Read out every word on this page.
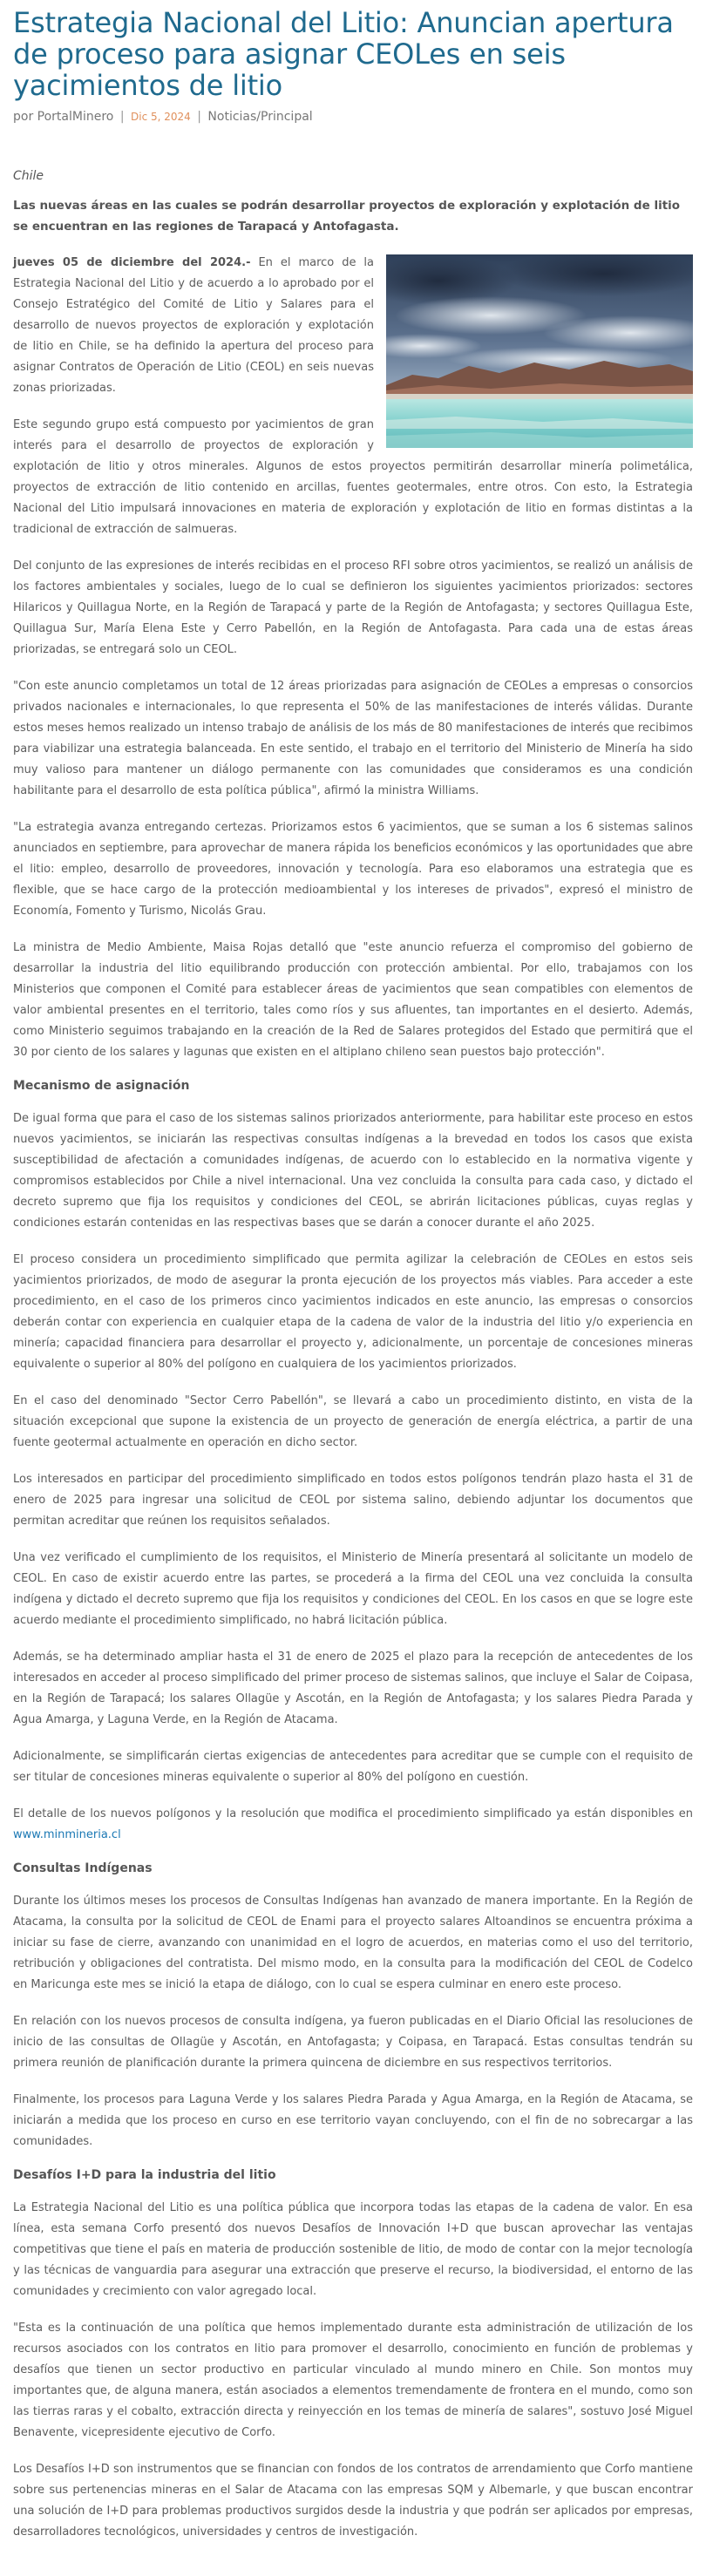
Estrategia Nacional del Litio: Anuncian apertura de proceso para asignar CEOLes en seis yacimientos de litio
por PortalMinero | Dic 5, 2024 | Noticias/Principal
Chile

Las nuevas áreas en las cuales se podrán desarrollar proyectos de exploración y explotación de litio se encuentran en las regiones de Tarapacá y Antofagasta.

jueves 05 de diciembre del 2024.- En el marco de la Estrategia Nacional del Litio y de acuerdo a lo aprobado por el Consejo Estratégico del Comité de Litio y Salares para el desarrollo de nuevos proyectos de exploración y explotación de litio en Chile, se ha definido la apertura del proceso para asignar Contratos de Operación de Litio (CEOL) en seis nuevas zonas priorizadas.

Este segundo grupo está compuesto por yacimientos de gran interés para el desarrollo de proyectos de exploración y explotación de litio y otros minerales. Algunos de estos proyectos permitirán desarrollar minería polimetálica, proyectos de extracción de litio contenido en arcillas, fuentes geotermales, entre otros. Con esto, la Estrategia Nacional del Litio impulsará innovaciones en materia de exploración y explotación de litio en formas distintas a la tradicional de extracción de salmueras.

Del conjunto de las expresiones de interés recibidas en el proceso RFI sobre otros yacimientos, se realizó un análisis de los factores ambientales y sociales, luego de lo cual se definieron los siguientes yacimientos priorizados: sectores Hilaricos y Quillagua Norte, en la Región de Tarapacá y parte de la Región de Antofagasta; y sectores Quillagua Este, Quillagua Sur, María Elena Este y Cerro Pabellón, en la Región de Antofagasta. Para cada una de estas áreas priorizadas, se entregará solo un CEOL.

"Con este anuncio completamos un total de 12 áreas priorizadas para asignación de CEOLes a empresas o consorcios privados nacionales e internacionales, lo que representa el 50% de las manifestaciones de interés válidas. Durante estos meses hemos realizado un intenso trabajo de análisis de los más de 80 manifestaciones de interés que recibimos para viabilizar una estrategia balanceada. En este sentido, el trabajo en el territorio del Ministerio de Minería ha sido muy valioso para mantener un diálogo permanente con las comunidades que consideramos es una condición habilitante para el desarrollo de esta política pública", afirmó la ministra Williams.

"La estrategia avanza entregando certezas. Priorizamos estos 6 yacimientos, que se suman a los 6 sistemas salinos anunciados en septiembre, para aprovechar de manera rápida los beneficios económicos y las oportunidades que abre el litio: empleo, desarrollo de proveedores, innovación y tecnología. Para eso elaboramos una estrategia que es flexible, que se hace cargo de la protección medioambiental y los intereses de privados", expresó el ministro de Economía, Fomento y Turismo, Nicolás Grau.

La ministra de Medio Ambiente, Maisa Rojas detalló que "este anuncio refuerza el compromiso del gobierno de desarrollar la industria del litio equilibrando producción con protección ambiental. Por ello, trabajamos con los Ministerios que componen el Comité para establecer áreas de yacimientos que sean compatibles con elementos de valor ambiental presentes en el territorio, tales como ríos y sus afluentes, tan importantes en el desierto. Además, como Ministerio seguimos trabajando en la creación de la Red de Salares protegidos del Estado que permitirá que el 30 por ciento de los salares y lagunas que existen en el altiplano chileno sean puestos bajo protección".

Mecanismo de asignación

De igual forma que para el caso de los sistemas salinos priorizados anteriormente, para habilitar este proceso en estos nuevos yacimientos, se iniciarán las respectivas consultas indígenas a la brevedad en todos los casos que exista susceptibilidad de afectación a comunidades indígenas, de acuerdo con lo establecido en la normativa vigente y compromisos establecidos por Chile a nivel internacional. Una vez concluida la consulta para cada caso, y dictado el decreto supremo que fija los requisitos y condiciones del CEOL, se abrirán licitaciones públicas, cuyas reglas y condiciones estarán contenidas en las respectivas bases que se darán a conocer durante el año 2025.

El proceso considera un procedimiento simplificado que permita agilizar la celebración de CEOLes en estos seis yacimientos priorizados, de modo de asegurar la pronta ejecución de los proyectos más viables. Para acceder a este procedimiento, en el caso de los primeros cinco yacimientos indicados en este anuncio, las empresas o consorcios deberán contar con experiencia en cualquier etapa de la cadena de valor de la industria del litio y/o experiencia en minería; capacidad financiera para desarrollar el proyecto y, adicionalmente, un porcentaje de concesiones mineras equivalente o superior al 80% del polígono en cualquiera de los yacimientos priorizados.

En el caso del denominado "Sector Cerro Pabellón", se llevará a cabo un procedimiento distinto, en vista de la situación excepcional que supone la existencia de un proyecto de generación de energía eléctrica, a partir de una fuente geotermal actualmente en operación en dicho sector.

Los interesados en participar del procedimiento simplificado en todos estos polígonos tendrán plazo hasta el 31 de enero de 2025 para ingresar una solicitud de CEOL por sistema salino, debiendo adjuntar los documentos que permitan acreditar que reúnen los requisitos señalados.

Una vez verificado el cumplimiento de los requisitos, el Ministerio de Minería presentará al solicitante un modelo de CEOL. En caso de existir acuerdo entre las partes, se procederá a la firma del CEOL una vez concluida la consulta indígena y dictado el decreto supremo que fija los requisitos y condiciones del CEOL. En los casos en que se logre este acuerdo mediante el procedimiento simplificado, no habrá licitación pública.

Además, se ha determinado ampliar hasta el 31 de enero de 2025 el plazo para la recepción de antecedentes de los interesados en acceder al proceso simplificado del primer proceso de sistemas salinos, que incluye el Salar de Coipasa, en la Región de Tarapacá; los salares Ollagüe y Ascotán, en la Región de Antofagasta; y los salares Piedra Parada y Agua Amarga, y Laguna Verde, en la Región de Atacama.

Adicionalmente, se simplificarán ciertas exigencias de antecedentes para acreditar que se cumple con el requisito de ser titular de concesiones mineras equivalente o superior al 80% del polígono en cuestión.

El detalle de los nuevos polígonos y la resolución que modifica el procedimiento simplificado ya están disponibles en www.minmineria.cl

Consultas Indígenas

Durante los últimos meses los procesos de Consultas Indígenas han avanzado de manera importante. En la Región de Atacama, la consulta por la solicitud de CEOL de Enami para el proyecto salares Altoandinos se encuentra próxima a iniciar su fase de cierre, avanzando con unanimidad en el logro de acuerdos, en materias como el uso del territorio, retribución y obligaciones del contratista. Del mismo modo, en la consulta para la modificación del CEOL de Codelco en Maricunga este mes se inició la etapa de diálogo, con lo cual se espera culminar en enero este proceso.

En relación con los nuevos procesos de consulta indígena, ya fueron publicadas en el Diario Oficial las resoluciones de inicio de las consultas de Ollagüe y Ascotán, en Antofagasta; y Coipasa, en Tarapacá. Estas consultas tendrán su primera reunión de planificación durante la primera quincena de diciembre en sus respectivos territorios.

Finalmente, los procesos para Laguna Verde y los salares Piedra Parada y Agua Amarga, en la Región de Atacama, se iniciarán a medida que los proceso en curso en ese territorio vayan concluyendo, con el fin de no sobrecargar a las comunidades.

Desafíos I+D para la industria del litio

La Estrategia Nacional del Litio es una política pública que incorpora todas las etapas de la cadena de valor. En esa línea, esta semana Corfo presentó dos nuevos Desafíos de Innovación I+D que buscan aprovechar las ventajas competitivas que tiene el país en materia de producción sostenible de litio, de modo de contar con la mejor tecnología y las técnicas de vanguardia para asegurar una extracción que preserve el recurso, la biodiversidad, el entorno de las comunidades y crecimiento con valor agregado local.

"Esta es la continuación de una política que hemos implementado durante esta administración de utilización de los recursos asociados con los contratos en litio para promover el desarrollo, conocimiento en función de problemas y desafíos que tienen un sector productivo en particular vinculado al mundo minero en Chile. Son montos muy importantes que, de alguna manera, están asociados a elementos tremendamente de frontera en el mundo, como son las tierras raras y el cobalto, extracción directa y reinyección en los temas de minería de salares", sostuvo José Miguel Benavente, vicepresidente ejecutivo de Corfo.

Los Desafíos I+D son instrumentos que se financian con fondos de los contratos de arrendamiento que Corfo mantiene sobre sus pertenencias mineras en el Salar de Atacama con las empresas SQM y Albemarle, y que buscan encontrar una solución de I+D para problemas productivos surgidos desde la industria y que podrán ser aplicados por empresas, desarrolladores tecnológicos, universidades y centros de investigación.
